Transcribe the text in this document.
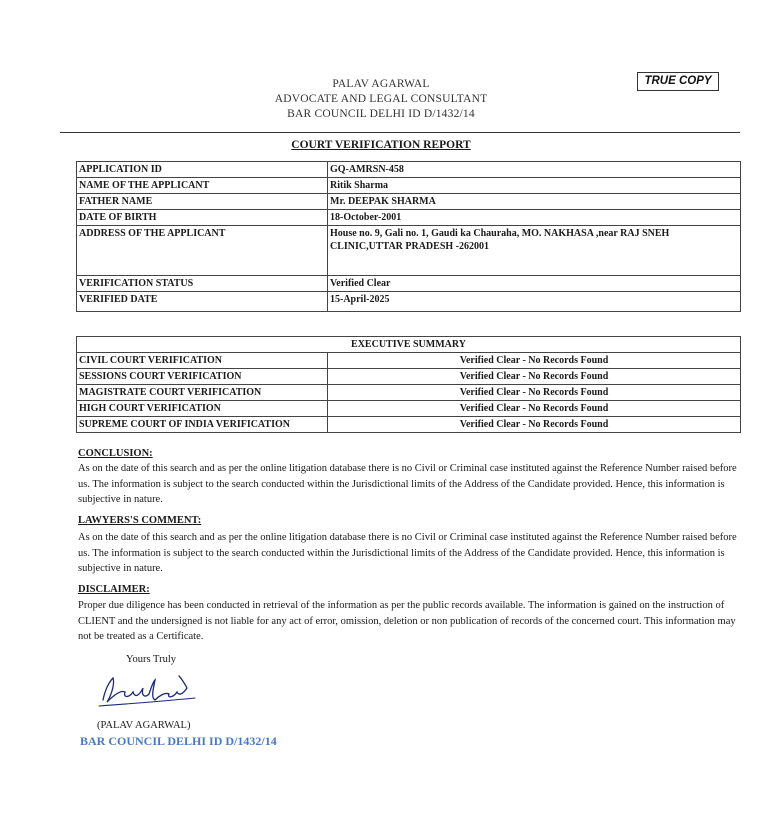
PALAV AGARWAL
ADVOCATE AND LEGAL CONSULTANT
BAR COUNCIL DELHI ID D/1432/14
TRUE COPY
COURT VERIFICATION REPORT
APPLICATION ID	GQ-AMRSN-458
NAME OF THE APPLICANT	Ritik Sharma
FATHER NAME	Mr. DEEPAK SHARMA
DATE OF BIRTH	18-October-2001
ADDRESS OF THE APPLICANT	House no. 9, Gali no. 1, Gaudi ka Chauraha, MO. NAKHASA ,near RAJ SNEH CLINIC,UTTAR PRADESH -262001
VERIFICATION STATUS	Verified Clear
VERIFIED DATE	15-April-2025
EXECUTIVE SUMMARY	
CIVIL COURT VERIFICATION	Verified Clear - No Records Found
SESSIONS COURT VERIFICATION	Verified Clear - No Records Found
MAGISTRATE COURT VERIFICATION	Verified Clear - No Records Found
HIGH COURT VERIFICATION	Verified Clear - No Records Found
SUPREME COURT OF INDIA VERIFICATION	Verified Clear - No Records Found
CONCLUSION:
As on the date of this search and as per the online litigation database there is no Civil or Criminal case instituted against the Reference Number raised before us. The information is subject to the search conducted within the Jurisdictional limits of the Address of the Candidate provided. Hence, this information is subjective in nature.
LAWYERS'S COMMENT:
As on the date of this search and as per the online litigation database there is no Civil or Criminal case instituted against the Reference Number raised before us. The information is subject to the search conducted within the Jurisdictional limits of the Address of the Candidate provided. Hence, this information is subjective in nature.
DISCLAIMER:
Proper due diligence has been conducted in retrieval of the information as per the public records available. The information is gained on the instruction of CLIENT and the undersigned is not liable for any act of error, omission, deletion or non publication of records of the concerned court. This information may not be treated as a Certificate.
Yours Truly
(PALAV AGARWAL)
BAR COUNCIL DELHI ID D/1432/14
